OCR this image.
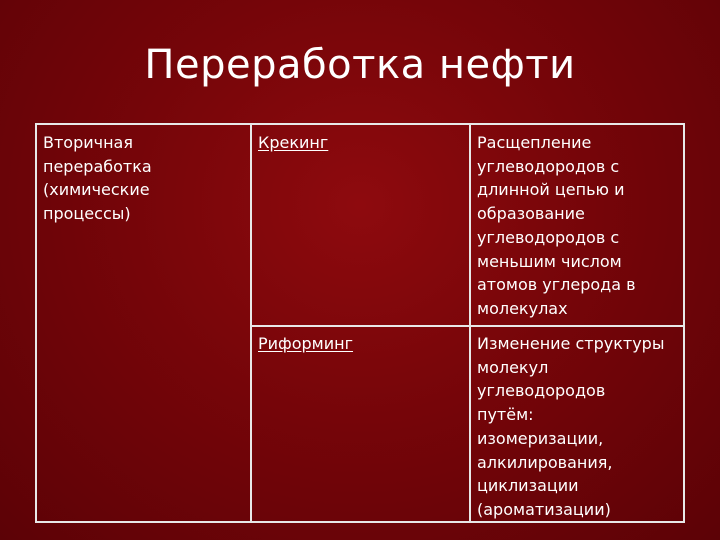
Переработка нефти
Вторичная
переработка
(химические
процессы)
Крекинг	Расщепление
углеводородов с
длинной цепью и
образование
углеводородов с
меньшим числом
атомов углерода в
молекулах
Риформинг	Изменение структуры
молекул
углеводородов
путём:
изомеризации,
алкилирования,
циклизации
(ароматизации)
